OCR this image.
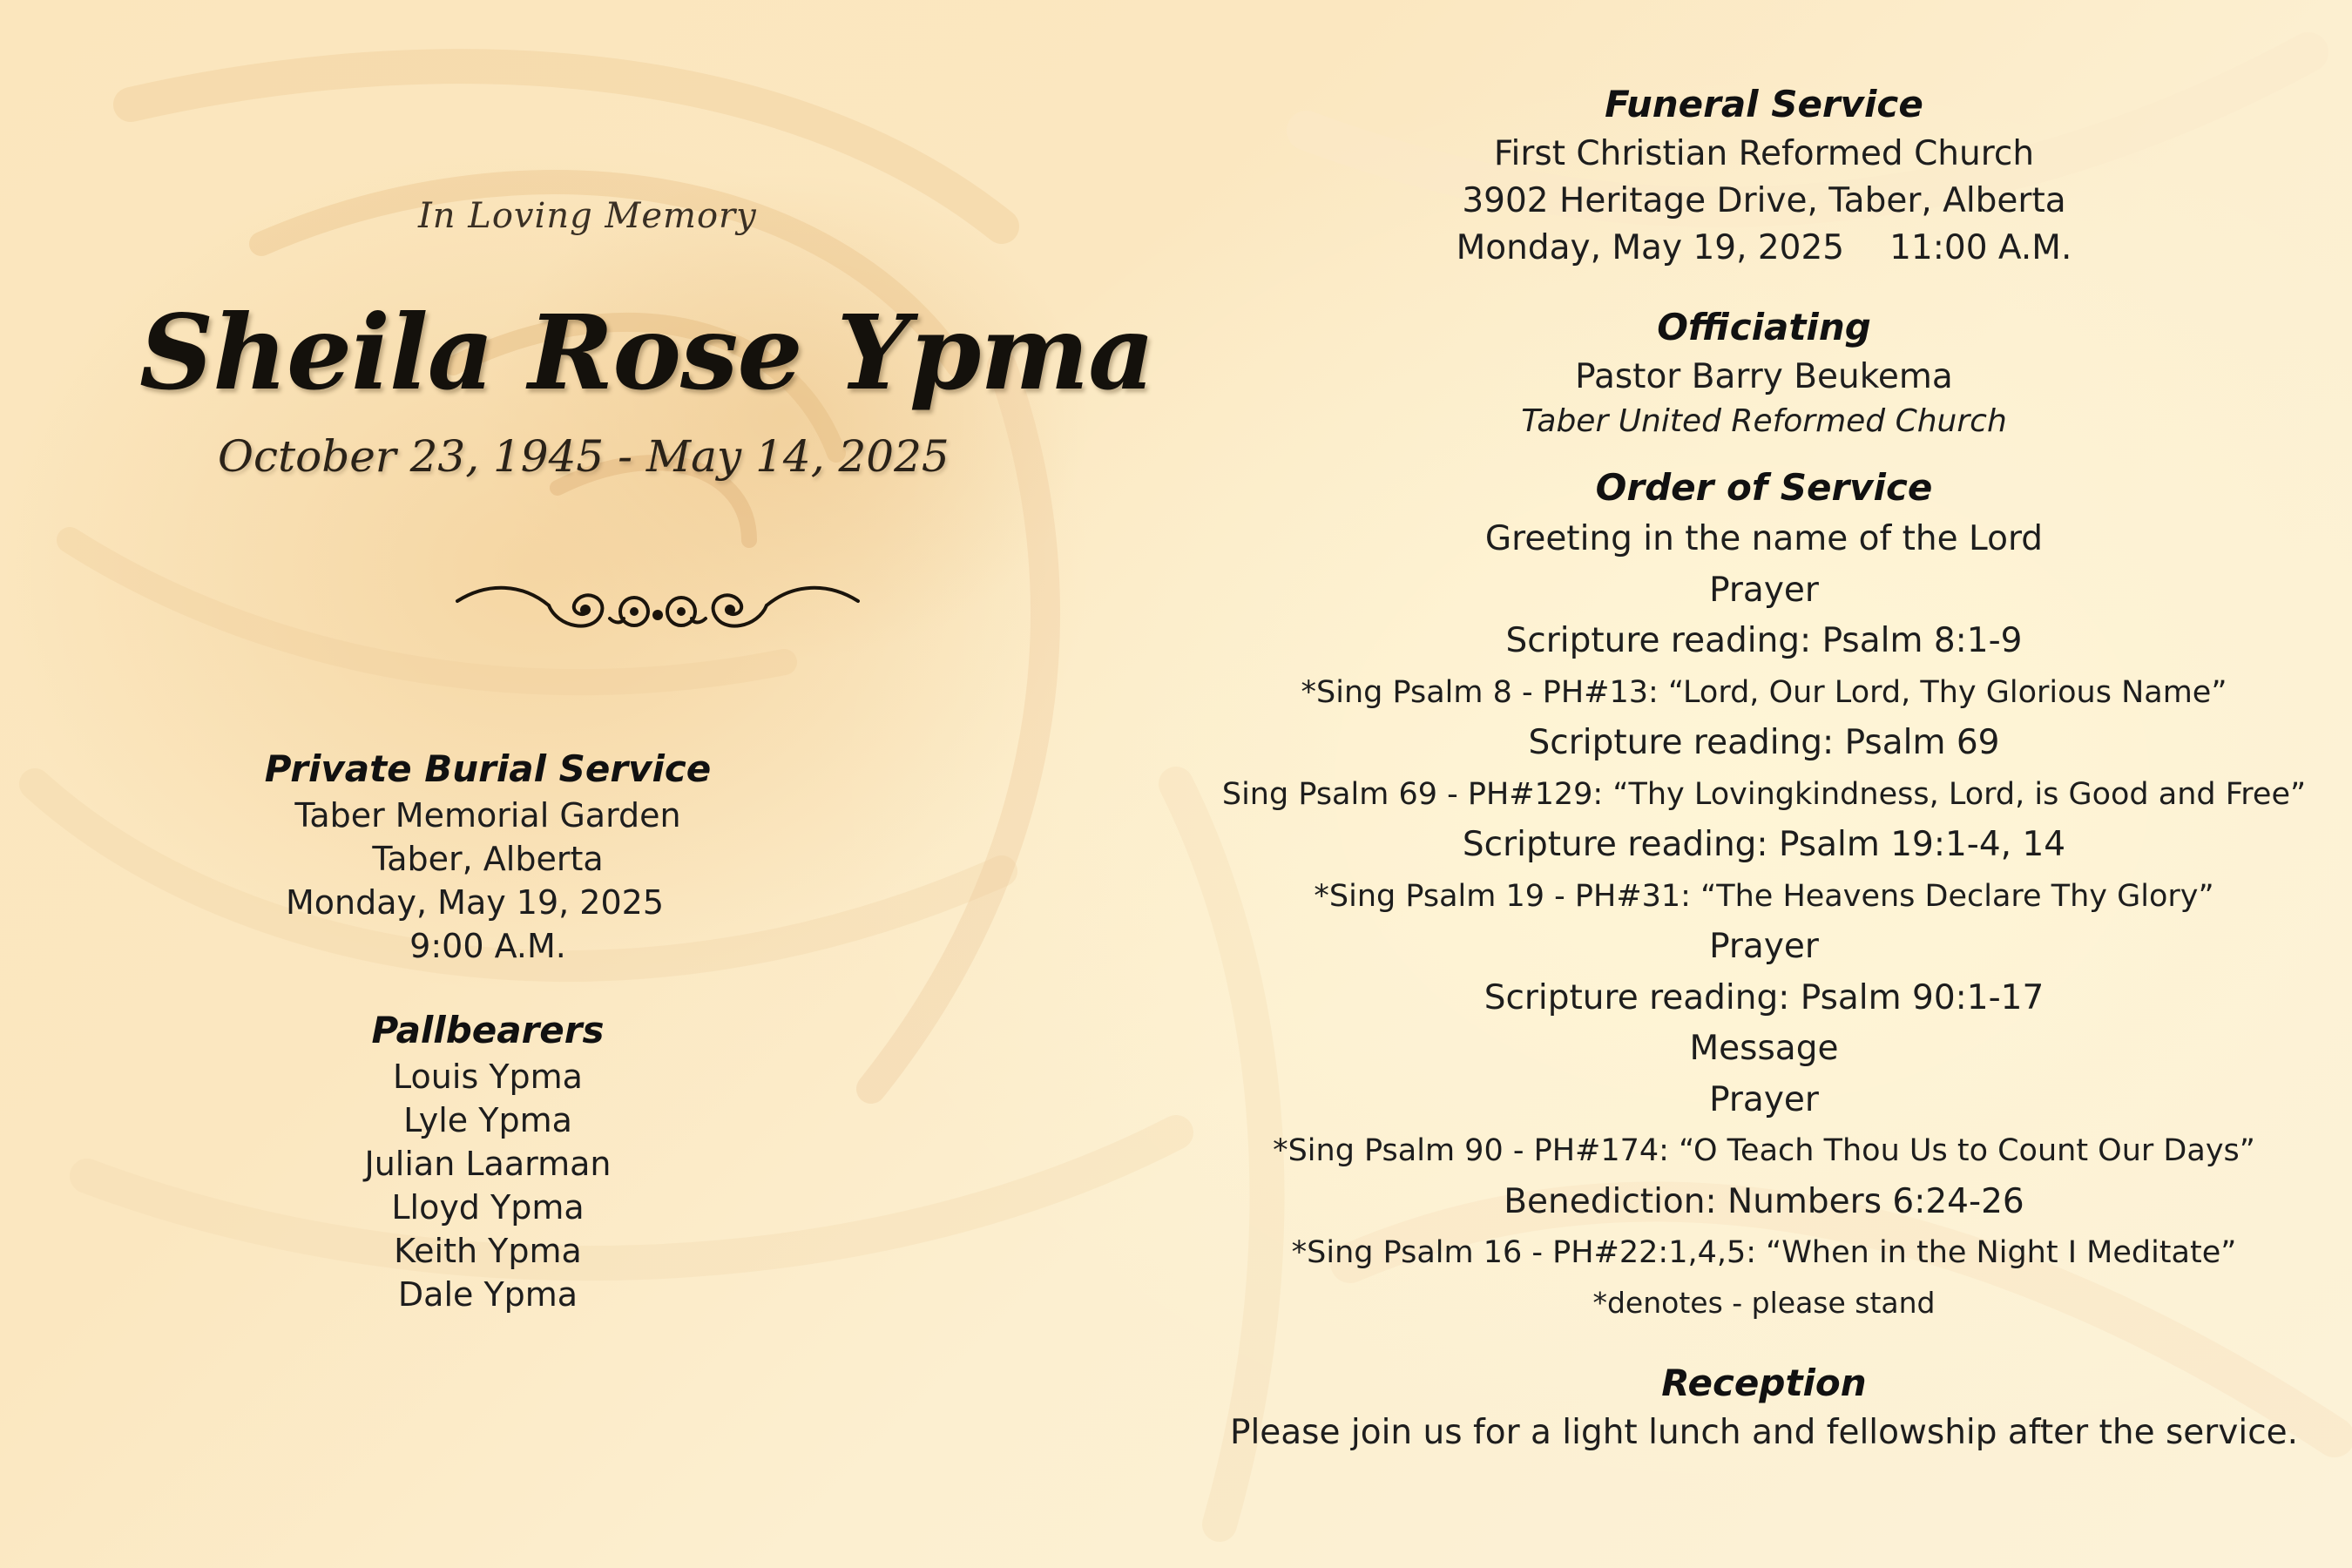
In Loving Memory
Sheila Rose Ypma
October 23, 1945 - May 14, 2025
Private Burial Service
Taber Memorial Garden
Taber, Alberta
Monday, May 19, 2025
9:00 A.M.
Pallbearers
Louis Ypma
Lyle Ypma
Julian Laarman
Lloyd Ypma
Keith Ypma
Dale Ypma
Funeral Service
First Christian Reformed Church
3902 Heritage Drive, Taber, Alberta
Monday, May 19, 2025 11:00 A.M.
Officiating
Pastor Barry Beukema
Taber United Reformed Church
Order of Service
Greeting in the name of the Lord
Prayer
Scripture reading: Psalm 8:1-9
*Sing Psalm 8 - PH#13: “Lord, Our Lord, Thy Glorious Name”
Scripture reading: Psalm 69
Sing Psalm 69 - PH#129: “Thy Lovingkindness, Lord, is Good and Free”
Scripture reading: Psalm 19:1-4, 14
*Sing Psalm 19 - PH#31: “The Heavens Declare Thy Glory”
Prayer
Scripture reading: Psalm 90:1-17
Message
Prayer
*Sing Psalm 90 - PH#174: “O Teach Thou Us to Count Our Days”
Benediction: Numbers 6:24-26
*Sing Psalm 16 - PH#22:1,4,5: “When in the Night I Meditate”
*denotes - please stand
Reception
Please join us for a light lunch and fellowship after the service.
